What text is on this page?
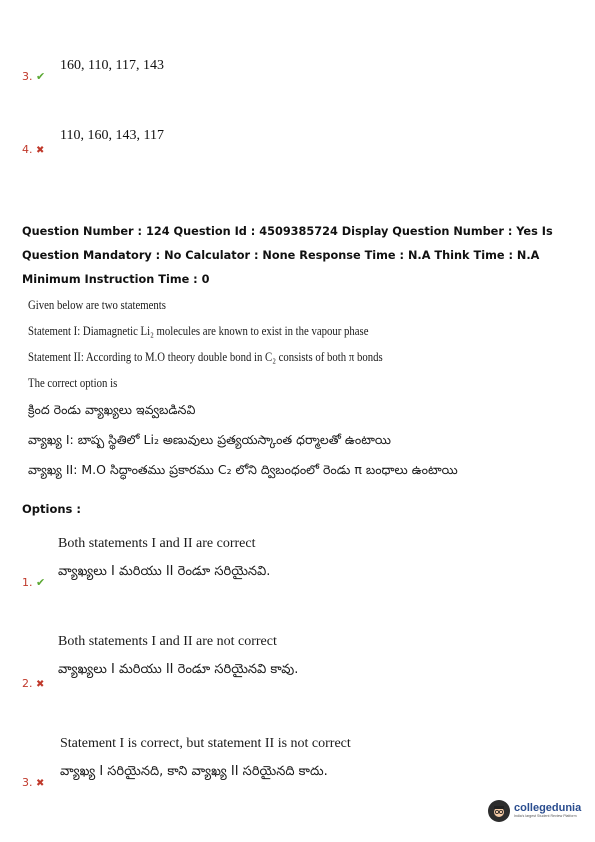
160, 110, 117, 143
3. ✔
110, 160, 143, 117
4. ✖
Question Number : 124 Question Id : 4509385724 Display Question Number : Yes Is Question Mandatory : No Calculator : None Response Time : N.A Think Time : N.A Minimum Instruction Time : 0
Given below are two statements
Statement I: Diamagnetic Li₂ molecules are known to exist in the vapour phase
Statement II: According to M.O theory double bond in C₂ consists of both π bonds
The correct option is
క్రింద రెండు వ్యాఖ్యలు ఇవ్వబడినవి
వ్యాఖ్య I: బాష్ప స్థితిలో Li₂ అణువులు ప్రత్యయస్కాంత ధర్మాలతో ఉంటాయి
వ్యాఖ్య II: M.O సిద్ధాంతము ప్రకారము C₂ లోని ద్విబంధంలో రెండు π బంధాలు ఉంటాయి
Options :
Both statements I and II are correct
వ్యాఖ్యలు I మరియు II రెండూ సరియైనవి.
1. ✔
Both statements I and II are not correct
వ్యాఖ్యలు I మరియు II రెండూ సరియైనవి కావు.
2. ✖
Statement I is correct, but statement II is not correct
వ్యాఖ్య I సరియైనది, కాని వ్యాఖ్య II సరియైనది కాదు.
3. ✖
collegedunia
India's largest Student Review Platform
